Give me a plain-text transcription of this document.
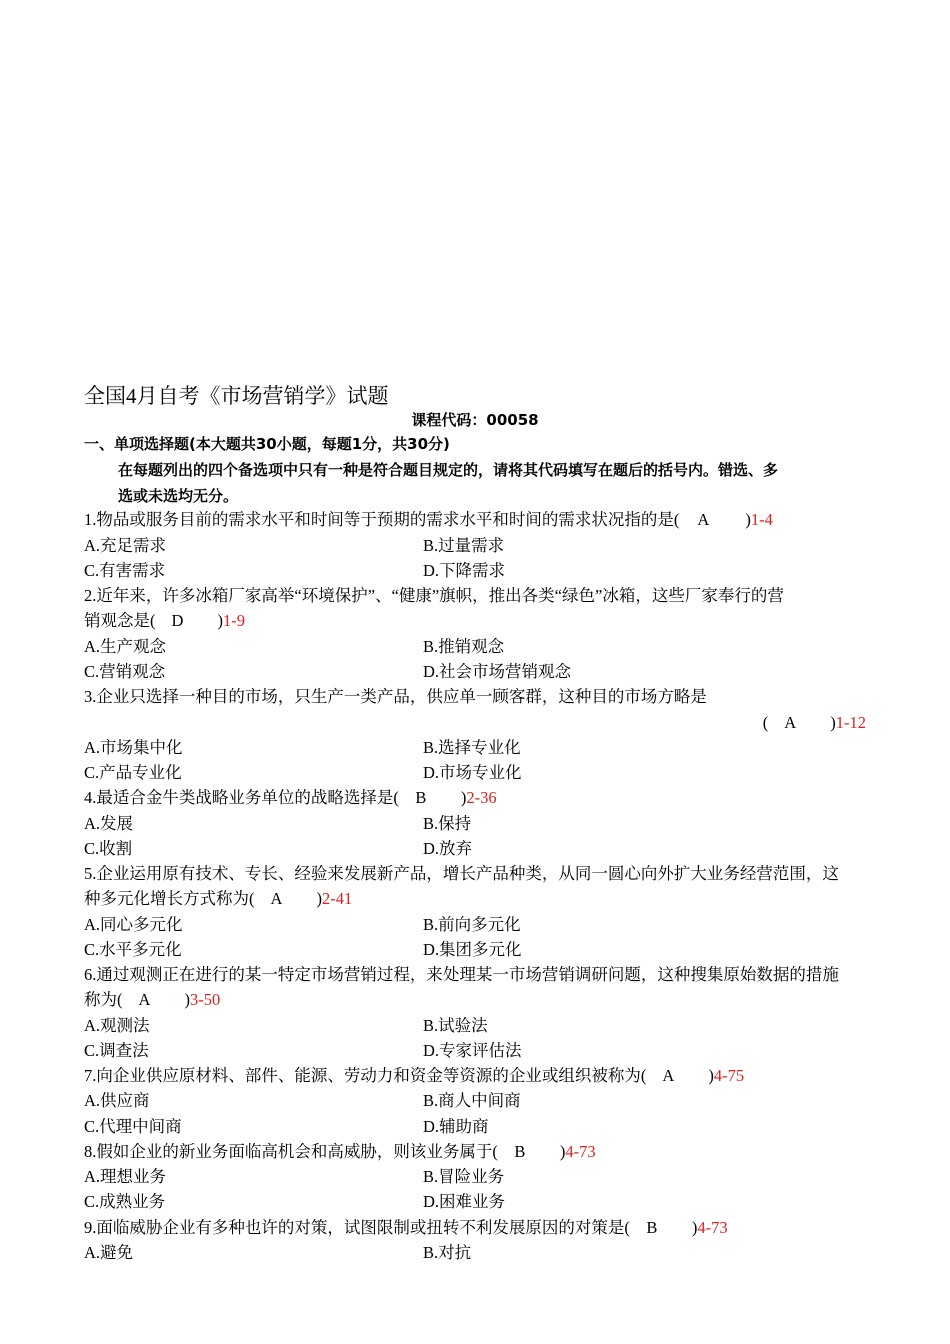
全国4月自考《市场营销学》试题
课程代码：00058
一、单项选择题(本大题共30小题，每题1分，共30分)
在每题列出的四个备选项中只有一种是符合题目规定的，请将其代码填写在题后的括号内。错选、多
选或未选均无分。
1.物品或服务目前的需求水平和时间等于预期的需求水平和时间的需求状况指的是( A )1-4
A.充足需求	B.过量需求
C.有害需求	D.下降需求
2.近年来，许多冰箱厂家高举“环境保护”、“健康”旗帜，推出各类“绿色”冰箱，这些厂家奉行的营
销观念是( D )1-9
A.生产观念	B.推销观念
C.营销观念	D.社会市场营销观念
3.企业只选择一种目的市场，只生产一类产品，供应单一顾客群，这种目的市场方略是
( A )1-12
A.市场集中化	B.选择专业化
C.产品专业化	D.市场专业化
4.最适合金牛类战略业务单位的战略选择是( B )2-36
A.发展	B.保持
C.收割	D.放弃
5.企业运用原有技术、专长、经验来发展新产品，增长产品种类，从同一圆心向外扩大业务经营范围，这
种多元化增长方式称为( A )2-41
A.同心多元化	B.前向多元化
C.水平多元化	D.集团多元化
6.通过观测正在进行的某一特定市场营销过程，来处理某一市场营销调研问题，这种搜集原始数据的措施
称为( A )3-50
A.观测法	B.试验法
C.调查法	D.专家评估法
7.向企业供应原材料、部件、能源、劳动力和资金等资源的企业或组织被称为( A )4-75
A.供应商	B.商人中间商
C.代理中间商	D.辅助商
8.假如企业的新业务面临高机会和高威胁，则该业务属于( B )4-73
A.理想业务	B.冒险业务
C.成熟业务	D.困难业务
9.面临威胁企业有多种也许的对策，试图限制或扭转不利发展原因的对策是( B )4-73
A.避免	B.对抗
